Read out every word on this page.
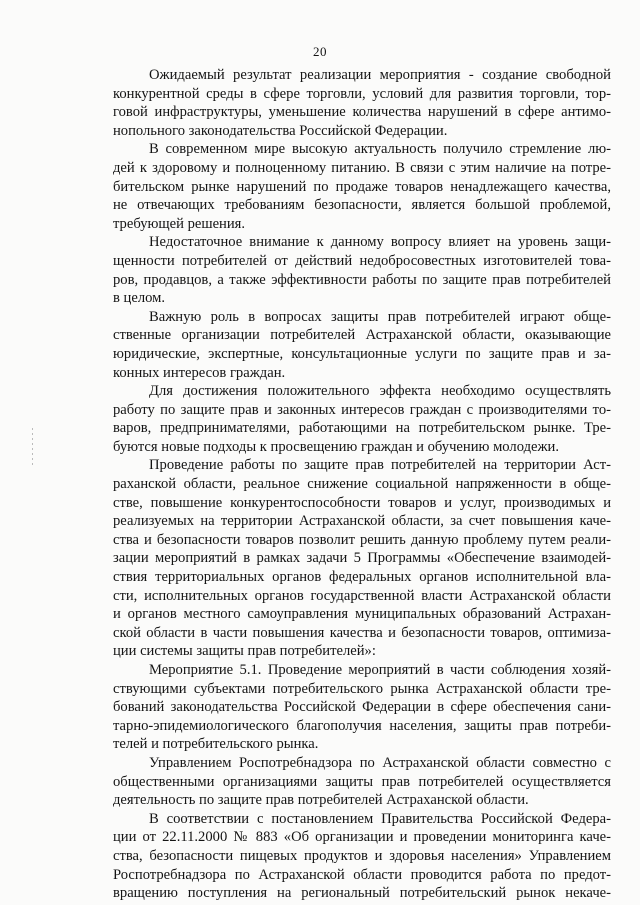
20

Ожидаемый результат реализации мероприятия - создание свободной
конкурентной среды в сфере торговли, условий для развития торговли, тор-
говой инфраструктуры, уменьшение количества нарушений в сфере антимо-
нопольного законодательства Российской Федерации.

В современном мире высокую актуальность получило стремление лю-
дей к здоровому и полноценному питанию. В связи с этим наличие на потре-
бительском рынке нарушений по продаже товаров ненадлежащего качества,
не отвечающих требованиям безопасности, является большой проблемой,
требующей решения.

Недостаточное внимание к данному вопросу влияет на уровень защи-
щенности потребителей от действий недобросовестных изготовителей това-
ров, продавцов, а также эффективности работы по защите прав потребителей
в целом.

Важную роль в вопросах защиты прав потребителей играют обще-
ственные организации потребителей Астраханской области, оказывающие
юридические, экспертные, консультационные услуги по защите прав и за-
конных интересов граждан.

Для достижения положительного эффекта необходимо осуществлять
работу по защите прав и законных интересов граждан с производителями то-
варов, предпринимателями, работающими на потребительском рынке. Тре-
буются новые подходы к просвещению граждан и обучению молодежи.

Проведение работы по защите прав потребителей на территории Аст-
раханской области, реальное снижение социальной напряженности в обще-
стве, повышение конкурентоспособности товаров и услуг, производимых и
реализуемых на территории Астраханской области, за счет повышения каче-
ства и безопасности товаров позволит решить данную проблему путем реали-
зации мероприятий в рамках задачи 5 Программы «Обеспечение взаимодей-
ствия территориальных органов федеральных органов исполнительной вла-
сти, исполнительных органов государственной власти Астраханской области
и органов местного самоуправления муниципальных образований Астрахан-
ской области в части повышения качества и безопасности товаров, оптимиза-
ции системы защиты прав потребителей»:

Мероприятие 5.1. Проведение мероприятий в части соблюдения хозяй-
ствующими субъектами потребительского рынка Астраханской области тре-
бований законодательства Российской Федерации в сфере обеспечения сани-
тарно-эпидемиологического благополучия населения, защиты прав потреби-
телей и потребительского рынка.

Управлением Роспотребнадзора по Астраханской области совместно с
общественными организациями защиты прав потребителей осуществляется
деятельность по защите прав потребителей Астраханской области.

В соответствии с постановлением Правительства Российской Федера-
ции от 22.11.2000 № 883 «Об организации и проведении мониторинга каче-
ства, безопасности пищевых продуктов и здоровья населения» Управлением
Роспотребнадзора по Астраханской области проводится работа по предот-
вращению поступления на региональный потребительский рынок некаче-
